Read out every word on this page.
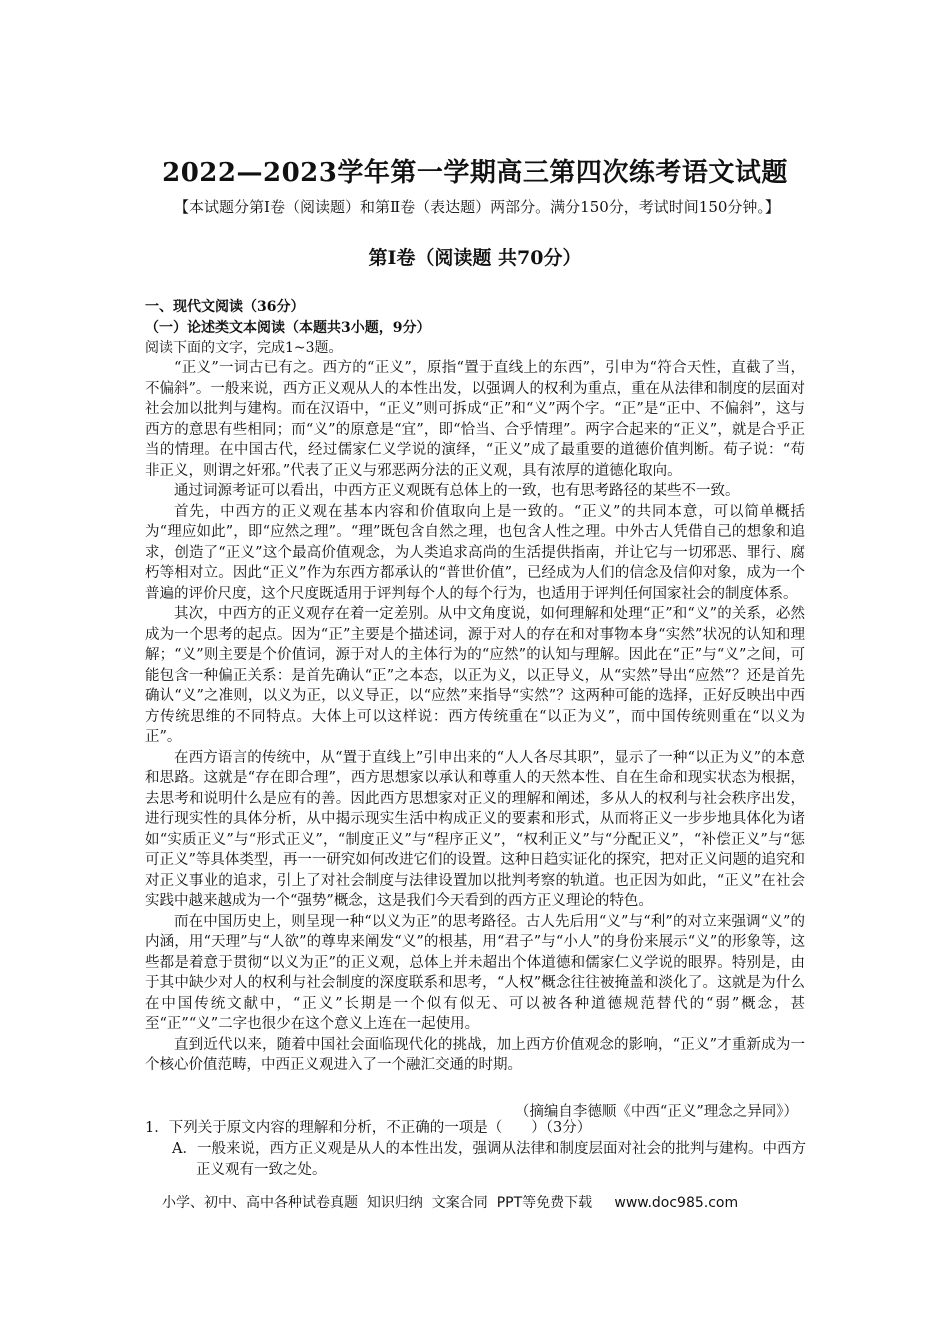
2022—2023学年第一学期高三第四次练考语文试题
【本试题分第Ⅰ卷（阅读题）和第Ⅱ卷（表达题）两部分。满分150分，考试时间150分钟。】
第Ⅰ卷（阅读题 共70分）
一、现代文阅读（36分）
（一）论述类文本阅读（本题共3小题，9分）
阅读下面的文字，完成1~3题。

“正义”一词古已有之。西方的“正义”，原指“置于直线上的东西”，引申为“符合天性，直截了当，不偏斜”。一般来说，西方正义观从人的本性出发，以强调人的权利为重点，重在从法律和制度的层面对社会加以批判与建构。而在汉语中，“正义”则可拆成“正”和“义”两个字。“正”是“正中、不偏斜”，这与西方的意思有些相同；而“义”的原意是“宜”，即“恰当、合乎情理”。两字合起来的“正义”，就是合乎正当的情理。在中国古代，经过儒家仁义学说的演绎，“正义”成了最重要的道德价值判断。荀子说：“苟非正义，则谓之奸邪。”代表了正义与邪恶两分法的正义观，具有浓厚的道德化取向。

通过词源考证可以看出，中西方正义观既有总体上的一致，也有思考路径的某些不一致。

首先，中西方的正义观在基本内容和价值取向上是一致的。“正义”的共同本意，可以简单概括为“理应如此”，即“应然之理”。“理”既包含自然之理，也包含人性之理。中外古人凭借自己的想象和追求，创造了“正义”这个最高价值观念，为人类追求高尚的生活提供指南，并让它与一切邪恶、罪行、腐朽等相对立。因此“正义”作为东西方都承认的“普世价值”，已经成为人们的信念及信仰对象，成为一个普遍的评价尺度，这个尺度既适用于评判每个人的每个行为，也适用于评判任何国家社会的制度体系。

其次，中西方的正义观存在着一定差别。从中文角度说，如何理解和处理“正”和“义”的关系，必然成为一个思考的起点。因为“正”主要是个描述词，源于对人的存在和对事物本身“实然”状况的认知和理解；“义”则主要是个价值词，源于对人的主体行为的“应然”的认知与理解。因此在“正”与“义”之间，可能包含一种偏正关系：是首先确认“正”之本态，以正为义，以正导义，从“实然”导出“应然”？还是首先确认“义”之准则，以义为正，以义导正，以“应然”来指导“实然”？这两种可能的选择，正好反映出中西方传统思维的不同特点。大体上可以这样说：西方传统重在“以正为义”，而中国传统则重在“以义为正”。

在西方语言的传统中，从“置于直线上”引申出来的“人人各尽其职”，显示了一种“以正为义”的本意和思路。这就是“存在即合理”，西方思想家以承认和尊重人的天然本性、自在生命和现实状态为根据，去思考和说明什么是应有的善。因此西方思想家对正义的理解和阐述，多从人的权利与社会秩序出发，进行现实性的具体分析，从中揭示现实生活中构成正义的要素和形式，从而将正义一步步地具体化为诸如“实质正义”与“形式正义”，“制度正义”与“程序正义”，“权利正义”与“分配正义”，“补偿正义”与“惩可正义”等具体类型，再一一研究如何改进它们的设置。这种日趋实证化的探究，把对正义问题的追究和对正义事业的追求，引上了对社会制度与法律设置加以批判考察的轨道。也正因为如此，“正义”在社会实践中越来越成为一个“强势”概念，这是我们今天看到的西方正义理论的特色。

而在中国历史上，则呈现一种“以义为正”的思考路径。古人先后用“义”与“利”的对立来强调“义”的内涵，用“天理”与“人欲”的尊卑来阐发“义”的根基，用“君子”与“小人”的身份来展示“义”的形象等，这些都是着意于贯彻“以义为正”的正义观，总体上并未超出个体道德和儒家仁义学说的眼界。特别是，由于其中缺少对人的权利与社会制度的深度联系和思考，“人权”概念往往被掩盖和淡化了。这就是为什么在中国传统文献中，“正义”长期是一个似有似无、可以被各种道德规范替代的“弱”概念，甚至“正”“义”二字也很少在这个意义上连在一起使用。

直到近代以来，随着中国社会面临现代化的挑战，加上西方价值观念的影响，“正义”才重新成为一个核心价值范畴，中西正义观进入了一个融汇交通的时期。

（摘编自李德顺《中西“正义”理念之异同》）
1．下列关于原文内容的理解和分析，不正确的一项是（　　）（3分）
A．一般来说，西方正义观是从人的本性出发，强调从法律和制度层面对社会的批判与建构。中西方正义观有一致之处。
小学、初中、高中各种试卷真题  知识归纳  文案合同  PPT等免费下载     www.doc985.com
